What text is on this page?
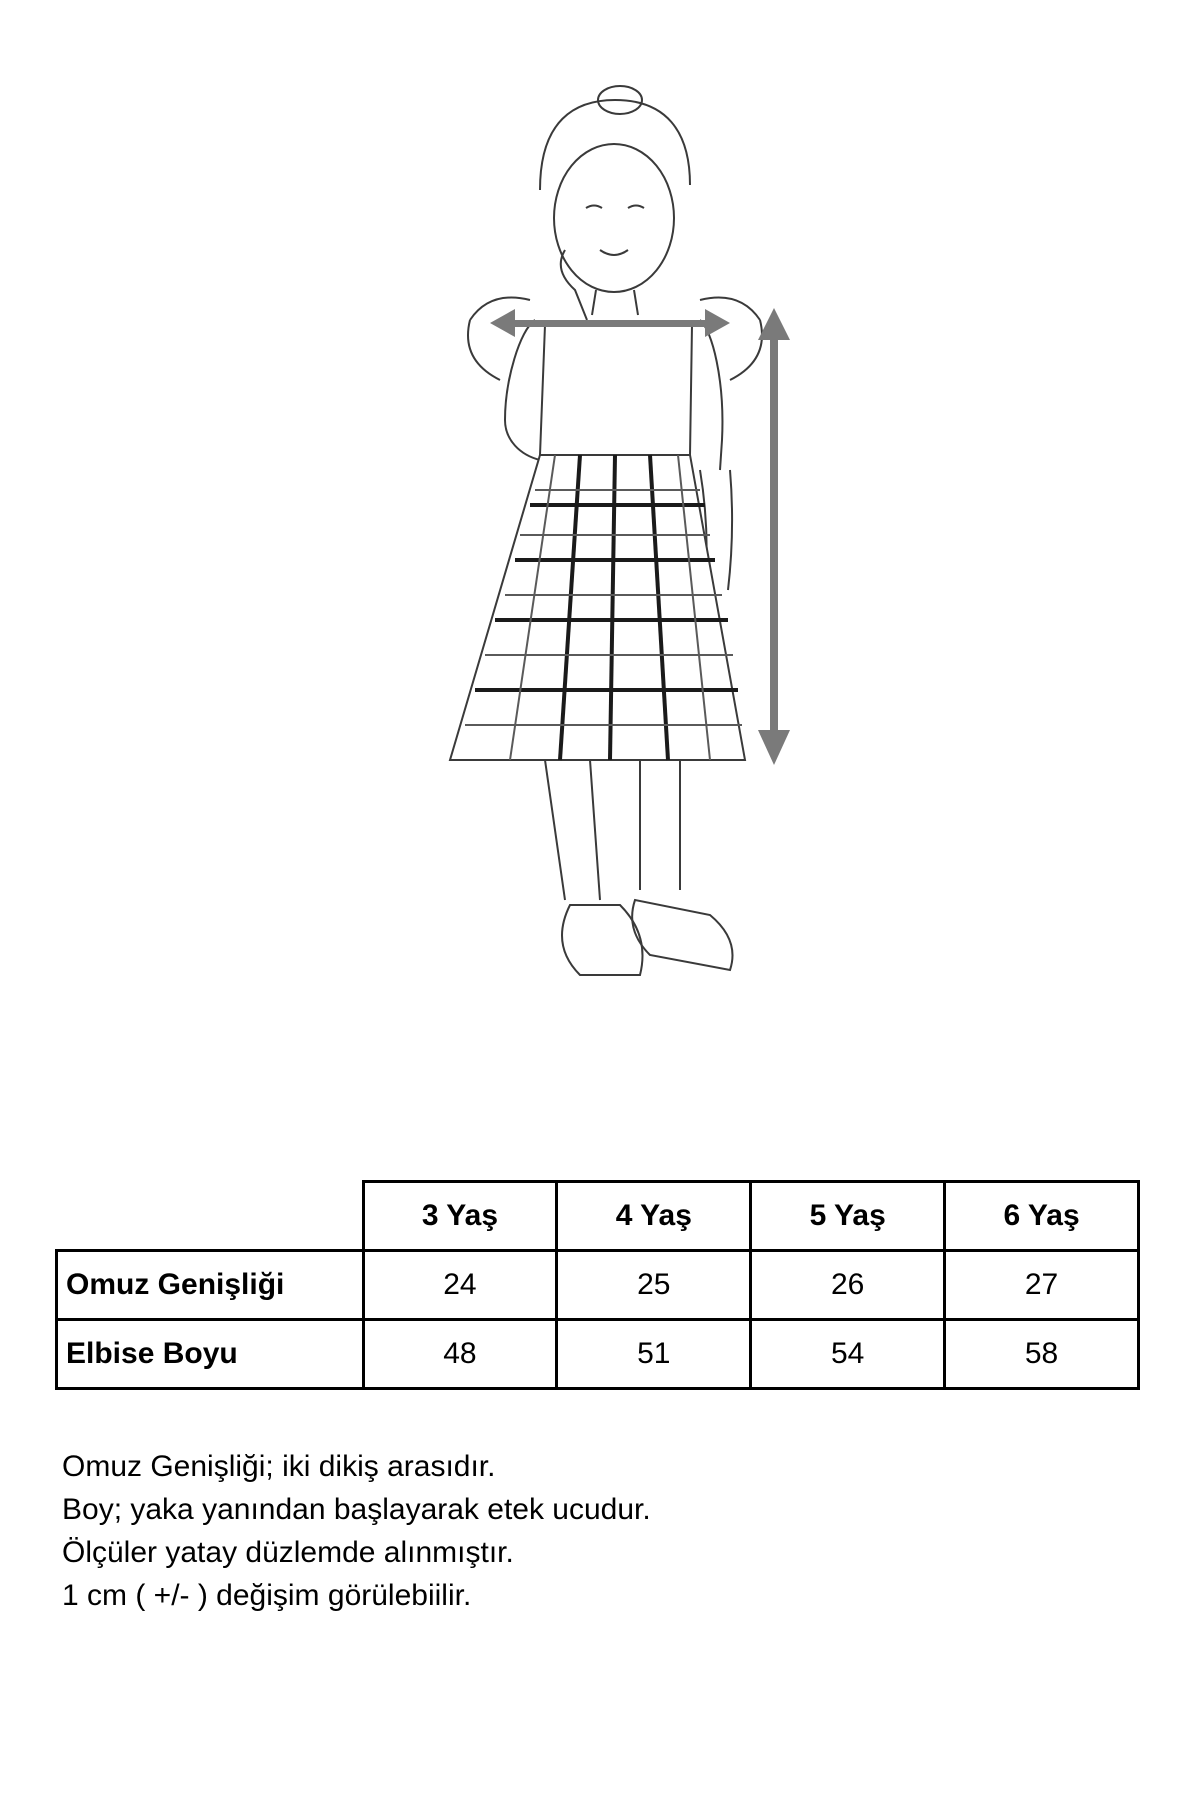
	3 Yaş	4 Yaş	5 Yaş	6 Yaş
Omuz Genişliği	24	25	26	27
Elbise Boyu	48	51	54	58
Omuz Genişliği; iki dikiş arasıdır.
Boy; yaka yanından başlayarak etek ucudur.
Ölçüler yatay düzlemde alınmıştır.
1 cm ( +/- ) değişim görülebiilir.
